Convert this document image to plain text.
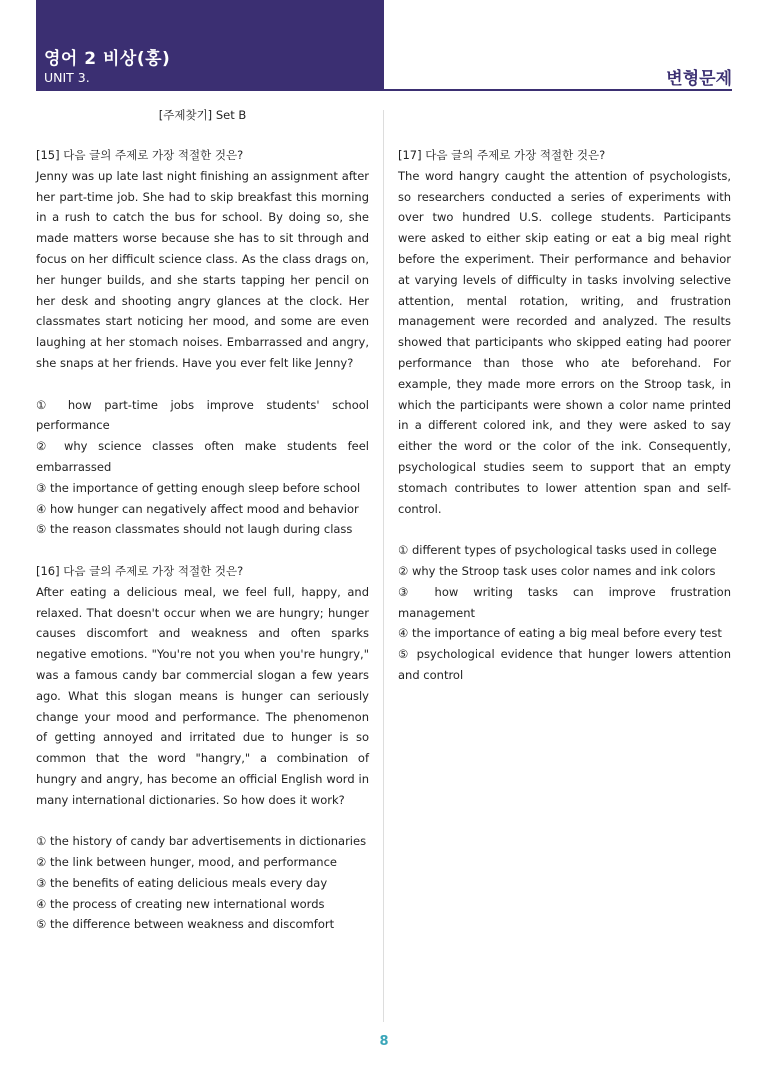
영어 2 비상(홍)
UNIT 3.	변형문제
[주제찾기] Set B

[15] 다음 글의 주제로 가장 적절한 것은?

Jenny was up late last night finishing an assignment after her part-time job. She had to skip breakfast this morning in a rush to catch the bus for school. By doing so, she made matters worse because she has to sit through and focus on her difficult science class. As the class drags on, her hunger builds, and she starts tapping her pencil on her desk and shooting angry glances at the clock. Her classmates start noticing her mood, and some are even laughing at her stomach noises. Embarrassed and angry, she snaps at her friends. Have you ever felt like Jenny?

① how part-time jobs improve students' school performance
② why science classes often make students feel embarrassed
③ the importance of getting enough sleep before school
④ how hunger can negatively affect mood and behavior
⑤ the reason classmates should not laugh during class

[16] 다음 글의 주제로 가장 적절한 것은?

After eating a delicious meal, we feel full, happy, and relaxed. That doesn't occur when we are hungry; hunger causes discomfort and weakness and often sparks negative emotions. "You're not you when you're hungry," was a famous candy bar commercial slogan a few years ago. What this slogan means is hunger can seriously change your mood and performance. The phenomenon of getting annoyed and irritated due to hunger is so common that the word "hangry," a combination of hungry and angry, has become an official English word in many international dictionaries. So how does it work?

① the history of candy bar advertisements in dictionaries
② the link between hunger, mood, and performance
③ the benefits of eating delicious meals every day
④ the process of creating new international words
⑤ the difference between weakness and discomfort

[17] 다음 글의 주제로 가장 적절한 것은?

The word hangry caught the attention of psychologists, so researchers conducted a series of experiments with over two hundred U.S. college students. Participants were asked to either skip eating or eat a big meal right before the experiment. Their performance and behavior at varying levels of difficulty in tasks involving selective attention, mental rotation, writing, and frustration management were recorded and analyzed. The results showed that participants who skipped eating had poorer performance than those who ate beforehand. For example, they made more errors on the Stroop task, in which the participants were shown a color name printed in a different colored ink, and they were asked to say either the word or the color of the ink. Consequently, psychological studies seem to support that an empty stomach contributes to lower attention span and self-control.

① different types of psychological tasks used in college
② why the Stroop task uses color names and ink colors
③ how writing tasks can improve frustration management
④ the importance of eating a big meal before every test
⑤ psychological evidence that hunger lowers attention and control
8
